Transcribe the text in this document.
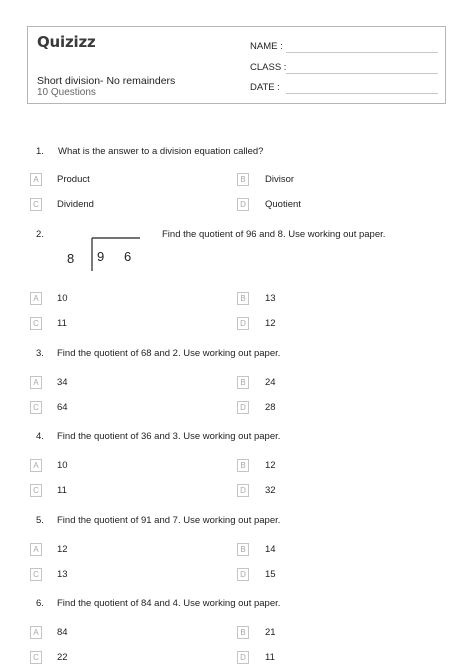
Quizizz
Short division- No remainders
10 Questions
NAME :
CLASS :
DATE :
1. What is the answer to a division equation called?
A	Product	B	Divisor
C	Dividend	D	Quotient
2.	Find the quotient of 96 and 8. Use working out paper.
8 9 6
A	10	B	13
C	11	D	12
3. Find the quotient of 68 and 2. Use working out paper.
A	34	B	24
C	64	D	28
4. Find the quotient of 36 and 3. Use working out paper.
A	10	B	12
C	11	D	32
5. Find the quotient of 91 and 7. Use working out paper.
A	12	B	14
C	13	D	15
6. Find the quotient of 84 and 4. Use working out paper.
A	84	B	21
C	22	D	11
